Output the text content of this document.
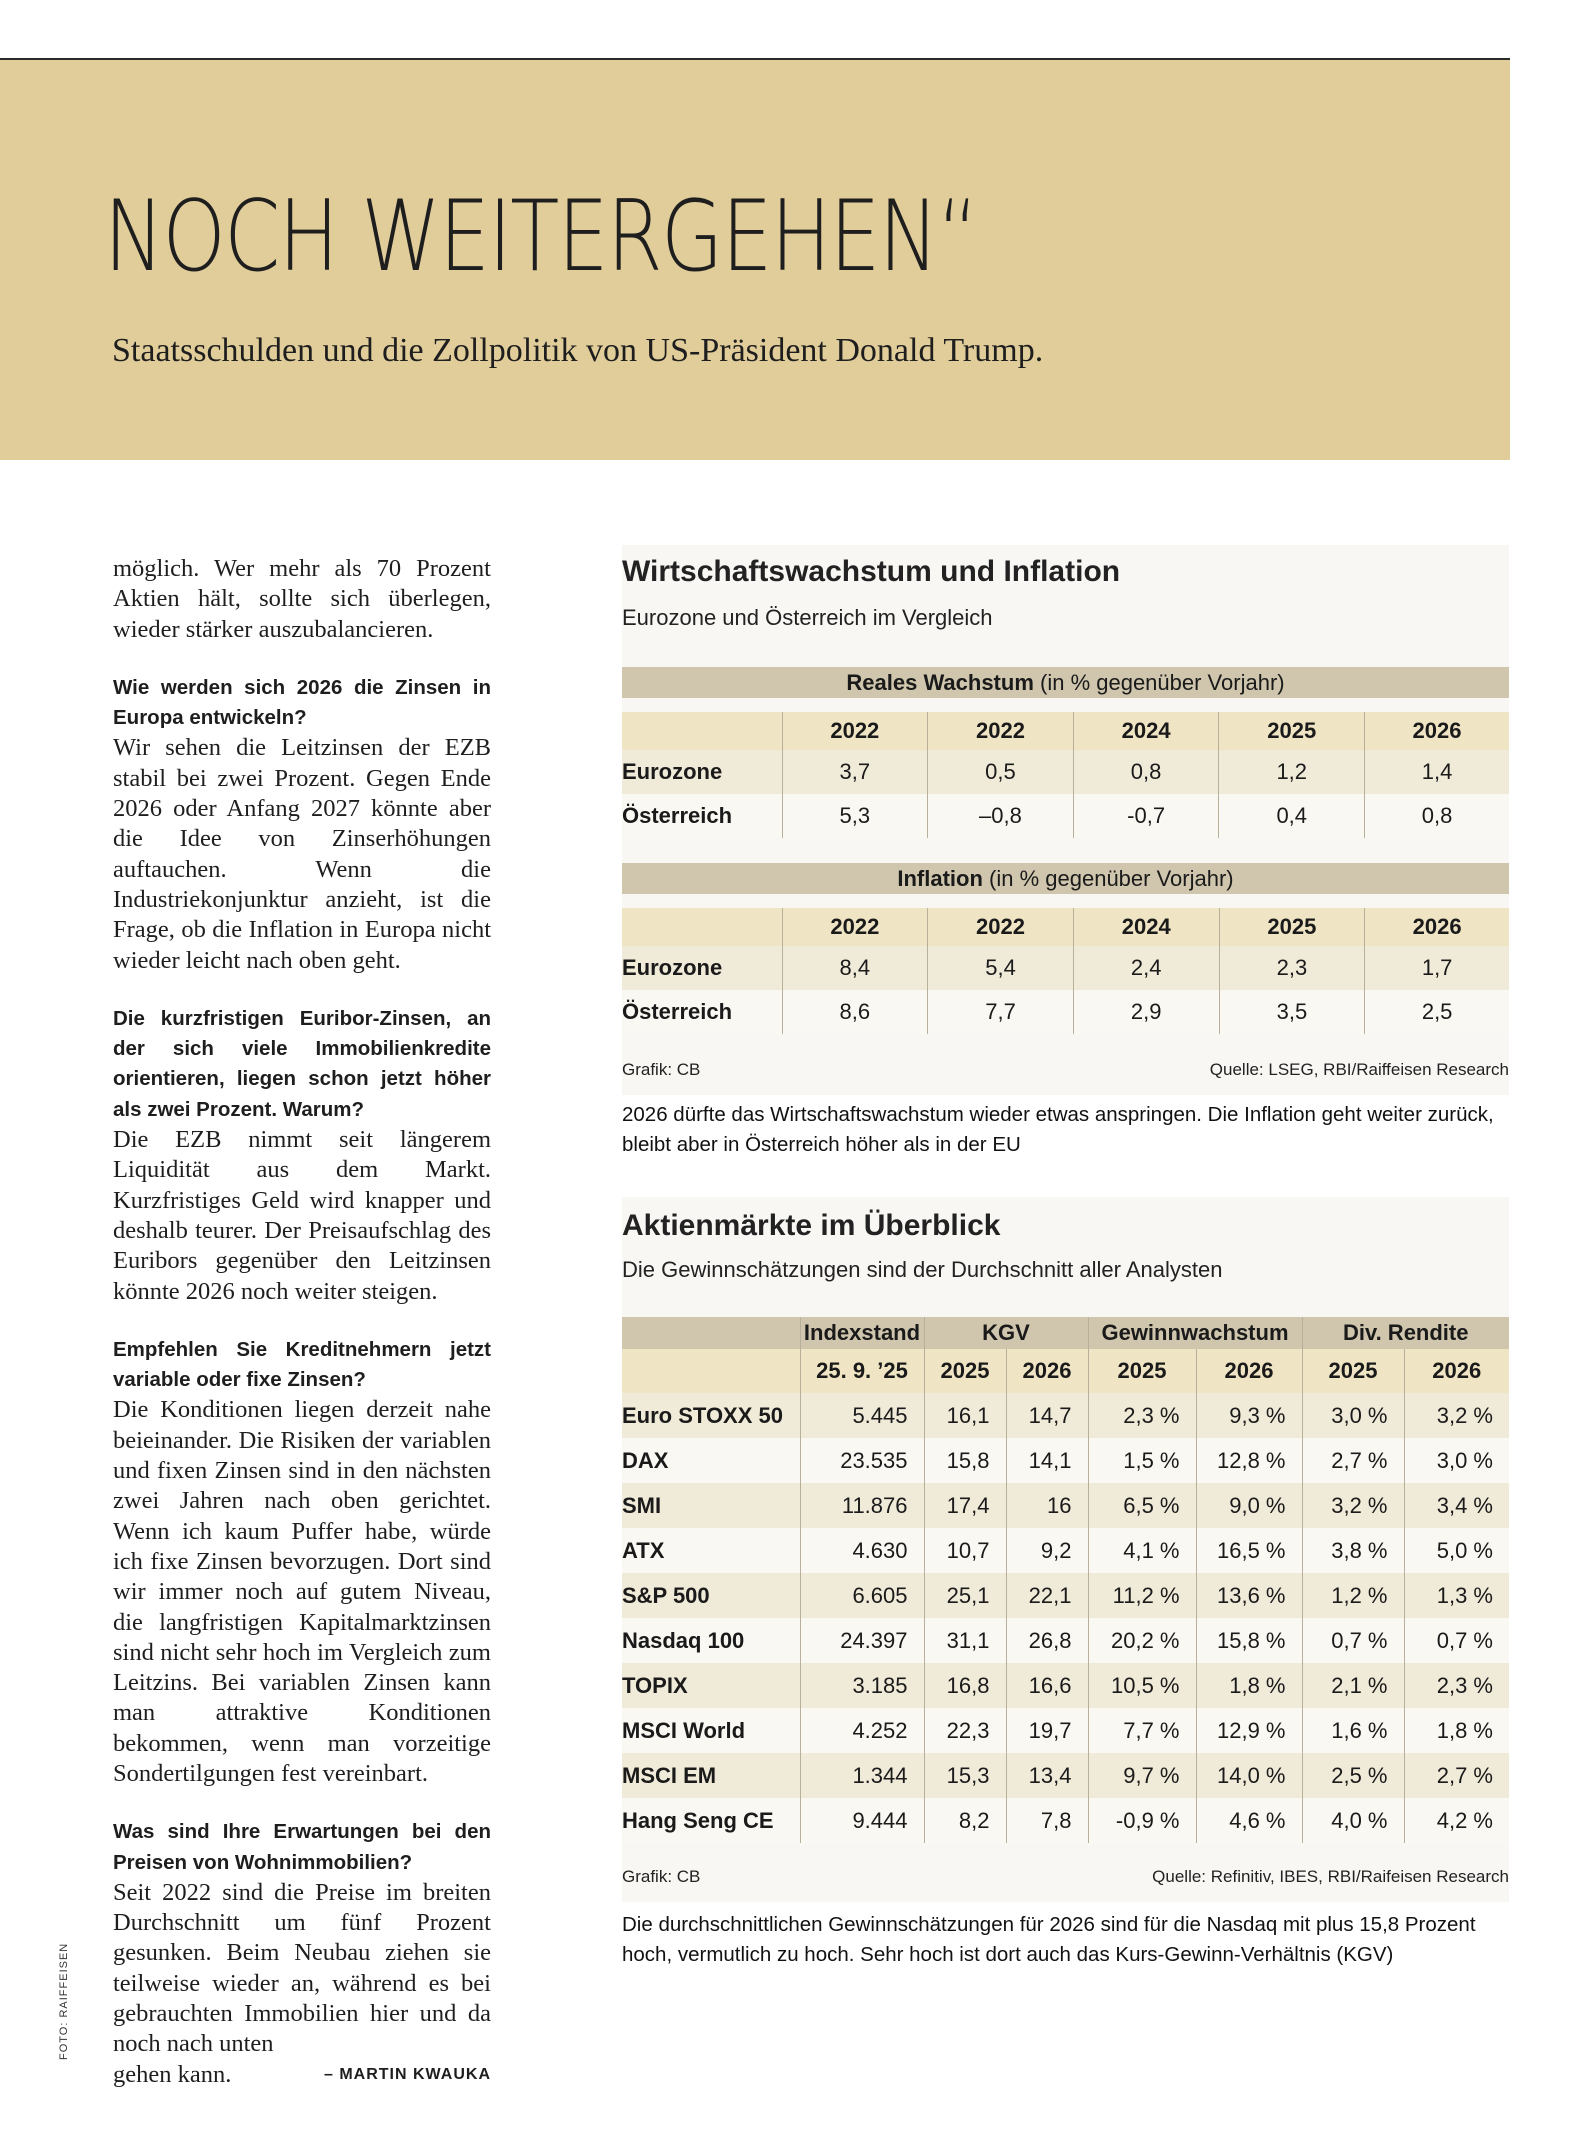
NOCH WEITERGEHEN“

Staatsschulden und die Zollpolitik von US-Präsident Donald Trump.

möglich. Wer mehr als 70 Prozent Aktien hält, sollte sich überlegen, wieder stärker auszubalancieren.

Wie werden sich 2026 die Zinsen in Europa entwickeln?

Wir sehen die Leitzinsen der EZB stabil bei zwei Prozent. Gegen Ende 2026 oder Anfang 2027 könnte aber die Idee von Zinserhöhungen auftauchen. Wenn die Industriekonjunktur anzieht, ist die Frage, ob die Inflation in Europa nicht wieder leicht nach oben geht.

Die kurzfristigen Euribor-Zinsen, an der sich viele Immobilienkredite orientieren, liegen schon jetzt höher als zwei Prozent. Warum?

Die EZB nimmt seit längerem Liquidität aus dem Markt. Kurzfristiges Geld wird knapper und deshalb teurer. Der Preisaufschlag des Euribors gegenüber den Leitzinsen könnte 2026 noch weiter steigen.

Empfehlen Sie Kreditnehmern jetzt variable oder fixe Zinsen?

Die Konditionen liegen derzeit nahe beieinander. Die Risiken der variablen und fixen Zinsen sind in den nächsten zwei Jahren nach oben gerichtet. Wenn ich kaum Puffer habe, würde ich fixe Zinsen bevorzugen. Dort sind wir immer noch auf gutem Niveau, die langfristigen Kapitalmarktzinsen sind nicht sehr hoch im Vergleich zum Leitzins. Bei variablen Zinsen kann man attraktive Konditionen bekommen, wenn man vorzeitige Sondertilgungen fest vereinbart.

Was sind Ihre Erwartungen bei den Preisen von Wohnimmobilien?

Seit 2022 sind die Preise im breiten Durchschnitt um fünf Prozent gesunken. Beim Neubau ziehen sie teilweise wieder an, während es bei gebrauchten Immobilien hier und da noch nach unten

gehen kann.	– MARTIN KWAUKA
FOTO: RAIFFEISEN
Wirtschaftswachstum und Inflation
Eurozone und Österreich im Vergleich
Reales Wachstum (in % gegenüber Vorjahr)					

	2022	2022	2024	2025	2026
Eurozone	3,7	0,5	0,8	1,2	1,4
Österreich	5,3	–0,8	-0,7	0,4	0,8
Inflation (in % gegenüber Vorjahr)					

	2022	2022	2024	2025	2026
Eurozone	8,4	5,4	2,4	2,3	1,7
Österreich	8,6	7,7	2,9	3,5	2,5
Grafik: CB	Quelle: LSEG, RBI/Raiffeisen Research
2026 dürfte das Wirtschaftswachstum wieder etwas anspringen. Die Inflation geht weiter zurück, bleibt aber in Österreich höher als in der EU
Aktienmärkte im Überblick
Die Gewinnschätzungen sind der Durchschnitt aller Analysten
	Indexstand	KGV		Gewinnwachstum		Div. Rendite	
	25. 9. ’25	2025	2026	2025	2026	2025	2026
Euro STOXX 50	5.445	16,1	14,7	2,3 %	9,3 %	3,0 %	3,2 %
DAX	23.535	15,8	14,1	1,5 %	12,8 %	2,7 %	3,0 %
SMI	11.876	17,4	16	6,5 %	9,0 %	3,2 %	3,4 %
ATX	4.630	10,7	9,2	4,1 %	16,5 %	3,8 %	5,0 %
S&P 500	6.605	25,1	22,1	11,2 %	13,6 %	1,2 %	1,3 %
Nasdaq 100	24.397	31,1	26,8	20,2 %	15,8 %	0,7 %	0,7 %
TOPIX	3.185	16,8	16,6	10,5 %	1,8 %	2,1 %	2,3 %
MSCI World	4.252	22,3	19,7	7,7 %	12,9 %	1,6 %	1,8 %
MSCI EM	1.344	15,3	13,4	9,7 %	14,0 %	2,5 %	2,7 %
Hang Seng CE	9.444	8,2	7,8	-0,9 %	4,6 %	4,0 %	4,2 %
Grafik: CB	Quelle: Refinitiv, IBES, RBI/Raifeisen Research
Die durchschnittlichen Gewinnschätzungen für 2026 sind für die Nasdaq mit plus 15,8 Prozent hoch, vermutlich zu hoch. Sehr hoch ist dort auch das Kurs-Gewinn-Verhältnis (KGV)
